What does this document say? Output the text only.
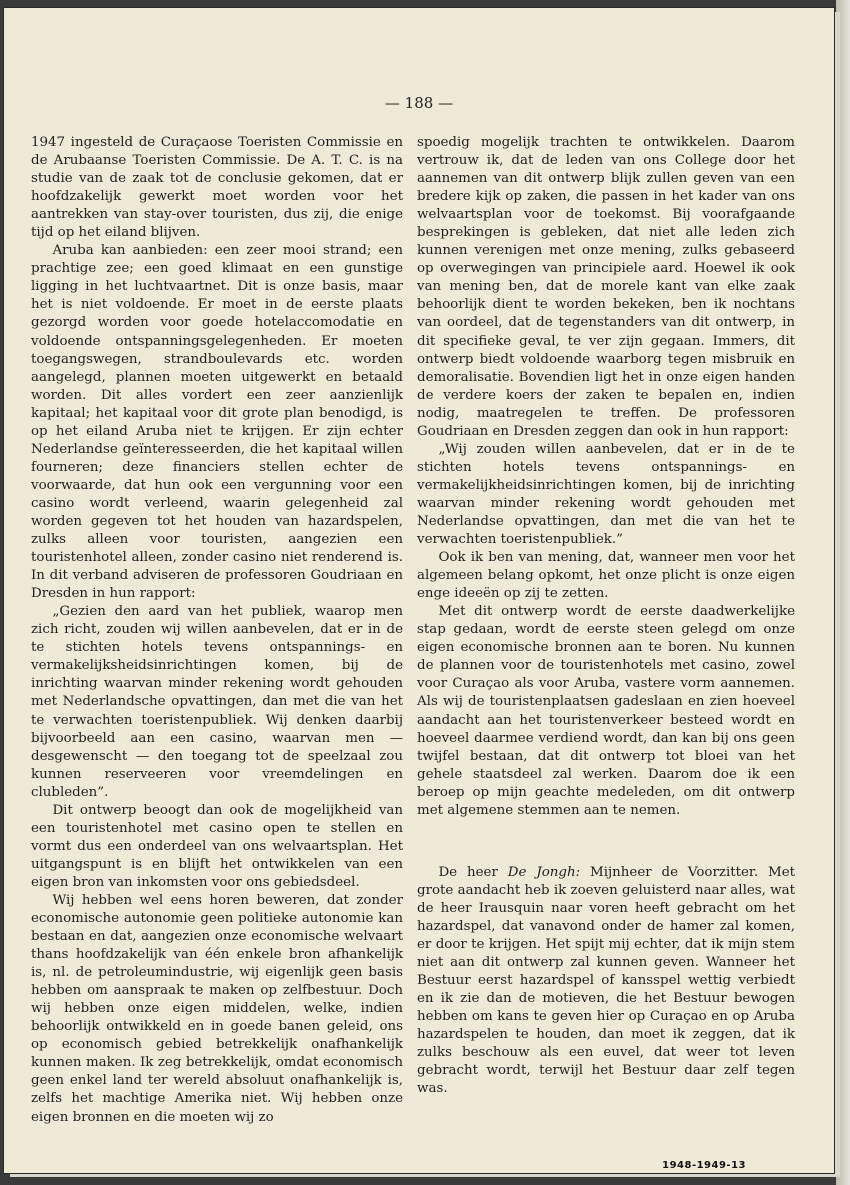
— 188 —

1947 ingesteld de Curaçaose Toeristen Commissie en de Arubaanse Toeristen Commissie. De A. T. C. is na studie van de zaak tot de conclusie gekomen, dat er hoofdzakelijk gewerkt moet worden voor het aantrekken van stay-over touristen, dus zij, die enige tijd op het eiland blijven.

Aruba kan aanbieden: een zeer mooi strand; een prachtige zee; een goed klimaat en een gunstige ligging in het luchtvaartnet. Dit is onze basis, maar het is niet voldoende. Er moet in de eerste plaats gezorgd worden voor goede hotelaccomodatie en voldoende ontspanningsgelegenheden. Er moeten toegangswegen, strandboulevards etc. worden aangelegd, plannen moeten uitgewerkt en betaald worden. Dit alles vordert een zeer aanzienlijk kapitaal; het kapitaal voor dit grote plan benodigd, is op het eiland Aruba niet te krijgen. Er zijn echter Nederlandse geïnteresseerden, die het kapitaal willen fourneren; deze financiers stellen echter de voorwaarde, dat hun ook een vergunning voor een casino wordt verleend, waarin gelegenheid zal worden gegeven tot het houden van hazardspelen, zulks alleen voor touristen, aangezien een touristenhotel alleen, zonder casino niet renderend is. In dit verband adviseren de professoren Goudriaan en Dresden in hun rapport:

„Gezien den aard van het publiek, waarop men zich richt, zouden wij willen aanbevelen, dat er in de te stichten hotels tevens ontspannings- en vermakelijksheidsinrichtingen komen, bij de inrichting waarvan minder rekening wordt gehouden met Nederlandsche opvattingen, dan met die van het te verwachten toeristenpubliek. Wij denken daarbij bijvoorbeeld aan een casino, waarvan men — desgewenscht — den toegang tot de speelzaal zou kunnen reserveeren voor vreemdelingen en clubleden”.

Dit ontwerp beoogt dan ook de mogelijkheid van een touristenhotel met casino open te stellen en vormt dus een onderdeel van ons welvaartsplan. Het uitgangspunt is en blijft het ontwikkelen van een eigen bron van inkomsten voor ons gebiedsdeel.

Wij hebben wel eens horen beweren, dat zonder economische autonomie geen politieke autonomie kan bestaan en dat, aangezien onze economische welvaart thans hoofdzakelijk van één enkele bron afhankelijk is, nl. de petroleumindustrie, wij eigenlijk geen basis hebben om aanspraak te maken op zelfbestuur. Doch wij hebben onze eigen middelen, welke, indien behoorlijk ontwikkeld en in goede banen geleid, ons op economisch gebied betrekkelijk onafhankelijk kunnen maken. Ik zeg betrekkelijk, omdat economisch geen enkel land ter wereld absoluut onafhankelijk is, zelfs het machtige Amerika niet. Wij hebben onze eigen bronnen en die moeten wij zo

spoedig mogelijk trachten te ontwikkelen. Daarom vertrouw ik, dat de leden van ons College door het aannemen van dit ontwerp blijk zullen geven van een bredere kijk op zaken, die passen in het kader van ons welvaartsplan voor de toekomst. Bij voorafgaande besprekingen is gebleken, dat niet alle leden zich kunnen verenigen met onze mening, zulks gebaseerd op overwegingen van principiele aard. Hoewel ik ook van mening ben, dat de morele kant van elke zaak behoorlijk dient te worden bekeken, ben ik nochtans van oordeel, dat de tegenstanders van dit ontwerp, in dit specifieke geval, te ver zijn gegaan. Immers, dit ontwerp biedt voldoende waarborg tegen misbruik en demoralisatie. Bovendien ligt het in onze eigen handen de verdere koers der zaken te bepalen en, indien nodig, maatregelen te treffen. De professoren Goudriaan en Dresden zeggen dan ook in hun rapport:

„Wij zouden willen aanbevelen, dat er in de te stichten hotels tevens ontspannings- en vermakelijkheidsinrichtingen komen, bij de inrichting waarvan minder rekening wordt gehouden met Nederlandse opvattingen, dan met die van het te verwachten toeristenpubliek.”

Ook ik ben van mening, dat, wanneer men voor het algemeen belang opkomt, het onze plicht is onze eigen enge ideeën op zij te zetten.

Met dit ontwerp wordt de eerste daadwerkelijke stap gedaan, wordt de eerste steen gelegd om onze eigen economische bronnen aan te boren. Nu kunnen de plannen voor de touristenhotels met casino, zowel voor Curaçao als voor Aruba, vastere vorm aannemen. Als wij de touristenplaatsen gadeslaan en zien hoeveel aandacht aan het touristenverkeer besteed wordt en hoeveel daarmee verdiend wordt, dan kan bij ons geen twijfel bestaan, dat dit ontwerp tot bloei van het gehele staatsdeel zal werken. Daarom doe ik een beroep op mijn geachte medeleden, om dit ontwerp met algemene stemmen aan te nemen.

De heer De Jongh: Mijnheer de Voorzitter. Met grote aandacht heb ik zoeven geluisterd naar alles, wat de heer Irausquin naar voren heeft gebracht om het hazardspel, dat vanavond onder de hamer zal komen, er door te krijgen. Het spijt mij echter, dat ik mijn stem niet aan dit ontwerp zal kunnen geven. Wanneer het Bestuur eerst hazardspel of kansspel wettig verbiedt en ik zie dan de motieven, die het Bestuur bewogen hebben om kans te geven hier op Curaçao en op Aruba hazardspelen te houden, dan moet ik zeggen, dat ik zulks beschouw als een euvel, dat weer tot leven gebracht wordt, terwijl het Bestuur daar zelf tegen was.

1948-1949-13
